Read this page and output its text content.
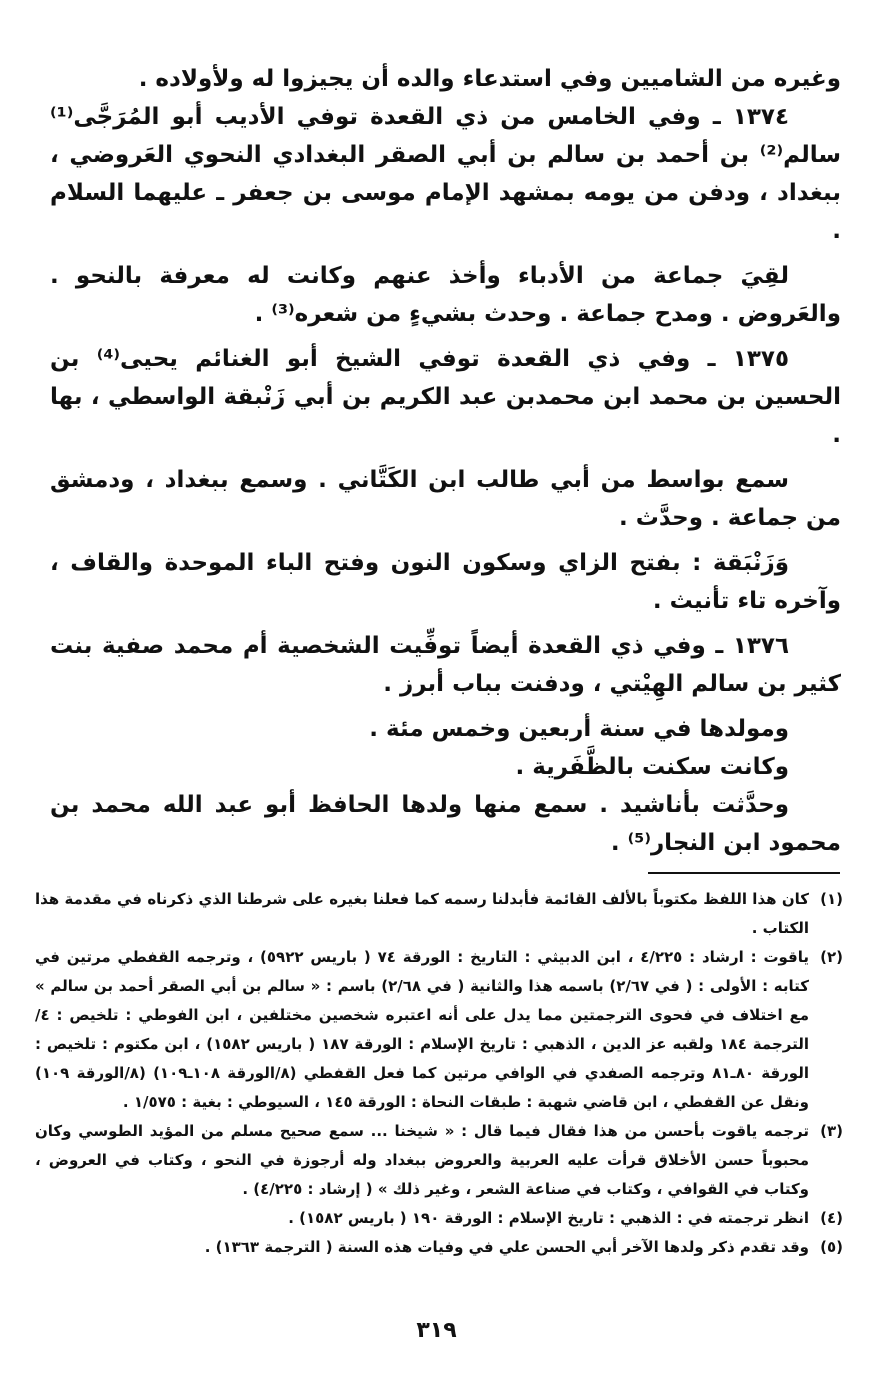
وغيره من الشاميين وفي استدعاء والده أن يجيزوا له ولأولاده .

١٣٧٤ ـ وفي الخامس من ذي القعدة توفي الأديب أبو المُرَجَّى⁽¹⁾ سالم⁽²⁾ بن أحمد بن سالم بن أبي الصقر البغدادي النحوي العَروضي ، ببغداد ، ودفن من يومه بمشهد الإمام موسى بن جعفر ـ عليهما السلام .

لقِيَ جماعة من الأدباء وأخذ عنهم وكانت له معرفة بالنحو . والعَروض . ومدح جماعة . وحدث بشيءٍ من شعره⁽³⁾ .

١٣٧٥ ـ وفي ذي القعدة توفي الشيخ أبو الغنائم يحيى⁽⁴⁾ بن الحسين بن محمد ابن محمدبن عبد الكريم بن أبي زَنْبقة الواسطي ، بها .

سمع بواسط من أبي طالب ابن الكَتَّاني . وسمع ببغداد ، ودمشق من جماعة . وحدَّث .

وَزَنْبَقة : بفتح الزاي وسكون النون وفتح الباء الموحدة والقاف ، وآخره تاء تأنيث .

١٣٧٦ ـ وفي ذي القعدة أيضاً توفِّيت الشخصية أم محمد صفية بنت كثير بن سالم الهِيْتي ، ودفنت بباب أبرز .

ومولدها في سنة أربعين وخمس مئة .

وكانت سكنت بالظَّفَرية .

وحدَّثت بأناشيد . سمع منها ولدها الحافظ أبو عبد الله محمد بن محمود ابن النجار⁽⁵⁾ .

(١)
كان هذا اللفظ مكتوباً بالألف القائمة فأبدلنا رسمه كما فعلنا بغيره على شرطنا الذي ذكرناه في مقدمة هذا الكتاب .
(٢)
ياقوت : ارشاد : ٤/٢٢٥ ، ابن الدبيثي : التاريخ : الورقة ٧٤ ( باريس ٥٩٢٢) ، وترجمه القفطي مرتين في كتابه : الأولى : ( في ٢/٦٧) باسمه هذا والثانية ( في ٢/٦٨) باسم : « سالم بن أبي الصقر أحمد بن سالم » مع اختلاف في فحوى الترجمتين مما يدل على أنه اعتبره شخصين مختلفين ، ابن الفوطي : تلخيص : ٤/الترجمة ١٨٤ ولقبه عز الدين ، الذهبي : تاريخ الإسلام : الورقة ١٨٧ ( باريس ١٥٨٢) ، ابن مكتوم : تلخيص : الورقة ٨٠ـ٨١ وترجمه الصفدي في الوافي مرتين كما فعل القفطي (٨/الورقة ١٠٨ـ١٠٩) (٨/الورقة ١٠٩) ونقل عن القفطي ، ابن قاضي شهبة : طبقات النحاة : الورقة ١٤٥ ، السيوطي : بغية : ١/٥٧٥ .
(٣)
ترجمه ياقوت بأحسن من هذا فقال فيما قال : « شيخنا ... سمع صحيح مسلم من المؤيد الطوسي وكان محبوباً حسن الأخلاق قرأت عليه العربية والعروض ببغداد وله أرجوزة في النحو ، وكتاب في العروض ، وكتاب في القوافي ، وكتاب في صناعة الشعر ، وغير ذلك » ( إرشاد : ٤/٢٢٥) .
(٤)
انظر ترجمته في : الذهبي : تاريخ الإسلام : الورقة ١٩٠ ( باريس ١٥٨٢) .
(٥)
وقد تقدم ذكر ولدها الآخر أبي الحسن علي في وفيات هذه السنة ( الترجمة ١٣٦٣) .
٣١٩
